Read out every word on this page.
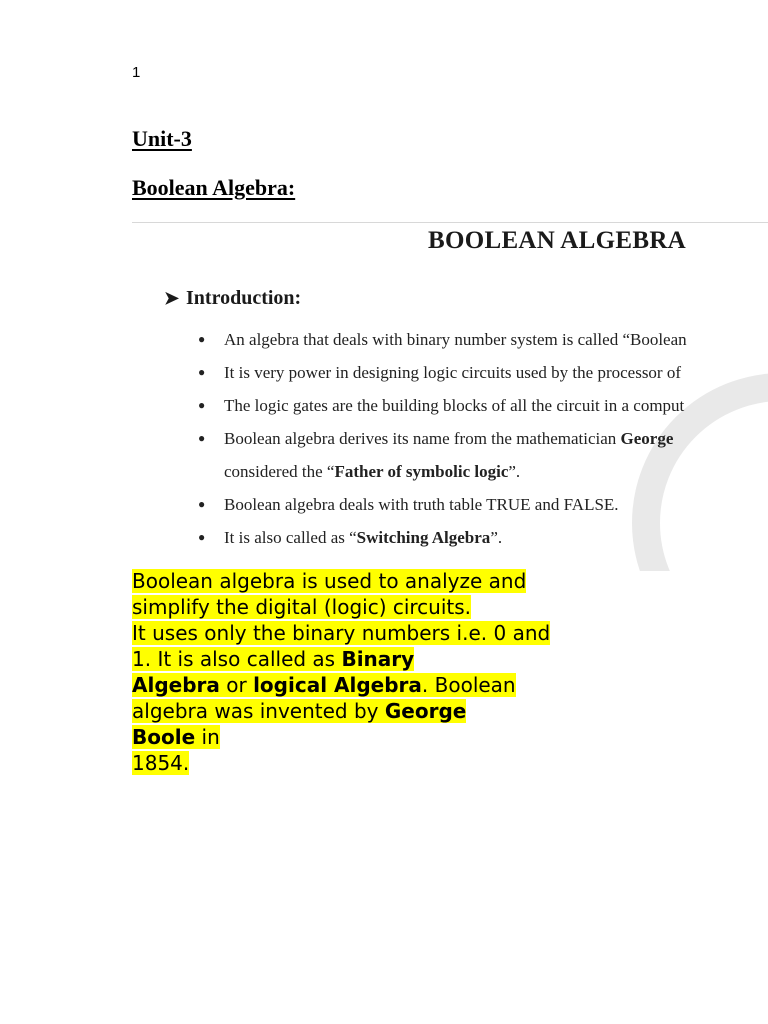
1
Unit-3
Boolean Algebra:
BOOLEAN ALGEBRA
➤ Introduction:
● An algebra that deals with binary number system is called “Boolean
● It is very power in designing logic circuits used by the processor of
● The logic gates are the building blocks of all the circuit in a comput
● Boolean algebra derives its name from the mathematician George
considered the “Father of symbolic logic”.
● Boolean algebra deals with truth table TRUE and FALSE.
● It is also called as “Switching Algebra”.

Boolean algebra is used to analyze and
simplify the digital (logic) circuits.
It uses only the binary numbers i.e. 0 and
1. It is also called as Binary
Algebra or logical Algebra. Boolean
algebra was invented by George
Boole in
1854.
